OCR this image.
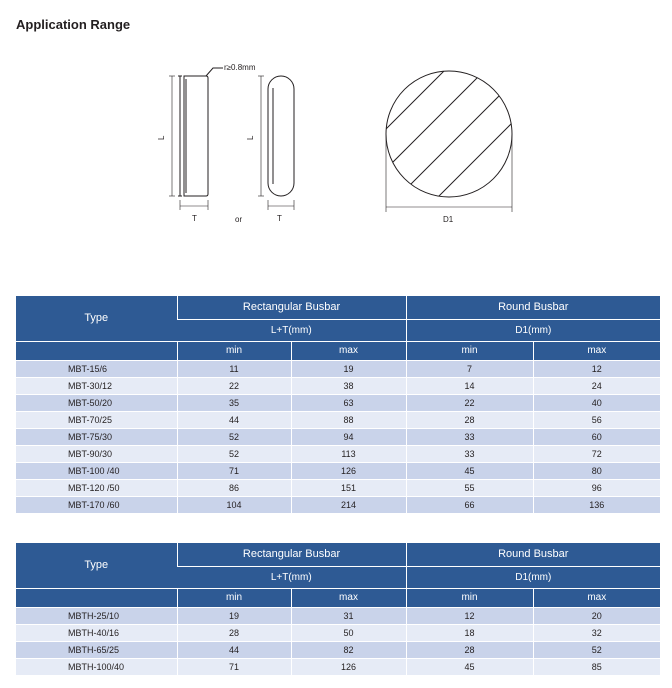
Application Range
r≥0.8mm
L
T	or
L
T	D1
Type	Rectangular Busbar		Round Busbar	
	L+T(mm)		D1(mm)	
	min	max	min	max
MBT-15/6	11	19	7	12
MBT-30/12	22	38	14	24
MBT-50/20	35	63	22	40
MBT-70/25	44	88	28	56
MBT-75/30	52	94	33	60
MBT-90/30	52	113	33	72
MBT-100 /40	71	126	45	80
MBT-120 /50	86	151	55	96
MBT-170 /60	104	214	66	136
Type	Rectangular Busbar		Round Busbar	
	L+T(mm)		D1(mm)	
	min	max	min	max
MBTH-25/10	19	31	12	20
MBTH-40/16	28	50	18	32
MBTH-65/25	44	82	28	52
MBTH-100/40	71	126	45	85
